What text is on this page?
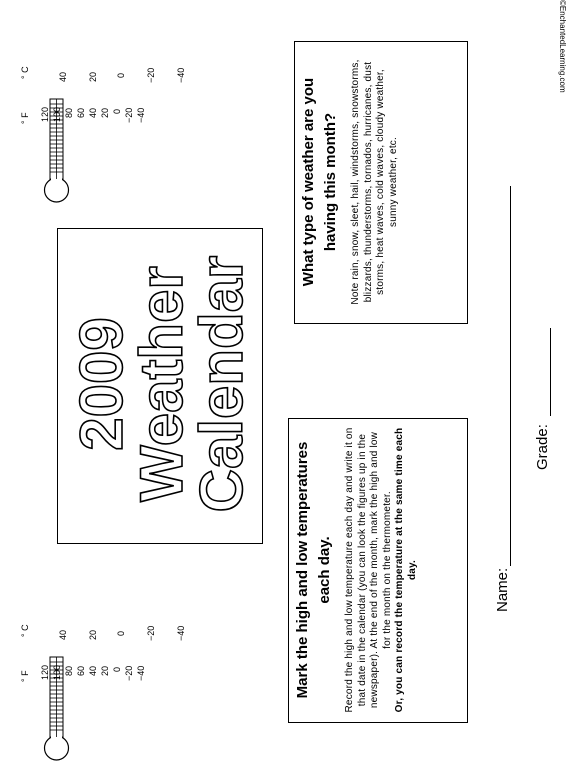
©EnchantedLearning.com
° F
° C
120 100 80 60 40 20 0 −20 −40
40 20 0 −20 −40
° F
° C
120 100 80 60 40 20 0 −20 −40
40 20 0 −20 −40
2009
Weather
Calendar
Mark the high and low temperatures each day.	Record the high and low temperature each day and write it on that date in the calendar (you can look the figures up in the newspaper). At the end of the month, mark the high and low for the month on the thermometer. Or, you can record the temperature at the same time each day.
What type of weather are you having this month?	Note rain, snow, sleet, hail, windstorms, snowstorms, blizzards, thunderstorms, tornados, hurricanes, dust storms, heat waves, cold waves, cloudy weather, sunny weather, etc.
Name:
Grade:
